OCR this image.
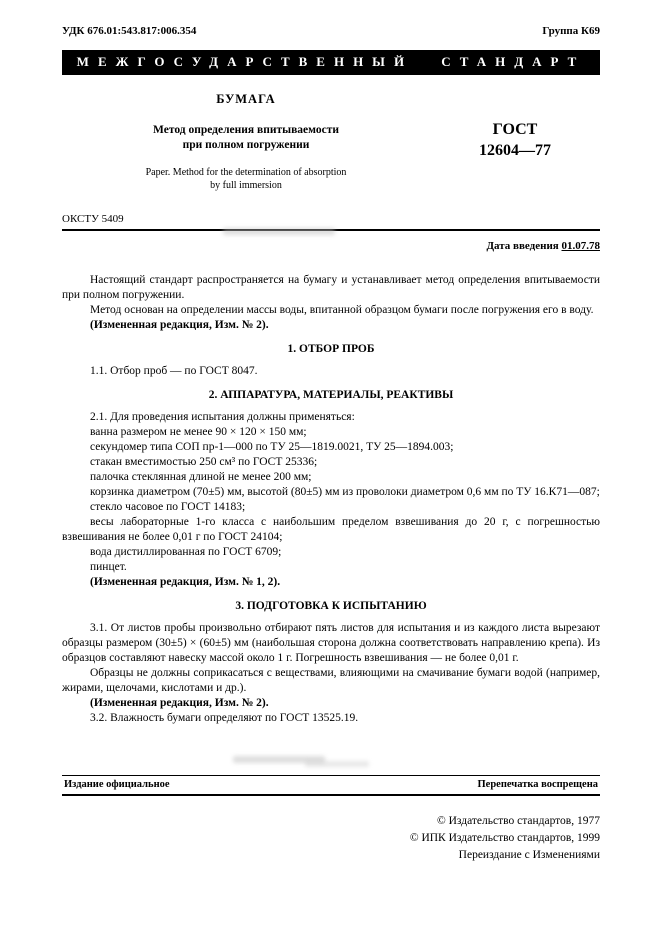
УДК 676.01:543.817:006.354	Группа К69
МЕЖГОСУДАРСТВЕННЫЙ СТАНДАРТ
БУМАГА
Метод определения впитываемости
при полном погружении
Paper. Method for the determination of absorption
by full immersion
ГОСТ
12604—77
ОКСТУ 5409
Дата введения 01.07.78

Настоящий стандарт распространяется на бумагу и устанавливает метод определения впитываемости при полном погружении.

Метод основан на определении массы воды, впитанной образцом бумаги после погружения его в воду.

(Измененная редакция, Изм. № 2).

1. ОТБОР ПРОБ

1.1. Отбор проб — по ГОСТ 8047.

2. АППАРАТУРА, МАТЕРИАЛЫ, РЕАКТИВЫ

2.1. Для проведения испытания должны применяться:

ванна размером не менее 90 × 120 × 150 мм;

секундомер типа СОП пр-1—000 по ТУ 25—1819.0021, ТУ 25—1894.003;

стакан вместимостью 250 см³ по ГОСТ 25336;

палочка стеклянная длиной не менее 200 мм;

корзинка диаметром (70±5) мм, высотой (80±5) мм из проволоки диаметром 0,6 мм по ТУ 16.К71—087;

стекло часовое по ГОСТ 14183;

весы лабораторные 1-го класса с наибольшим пределом взвешивания до 20 г, с погрешностью взвешивания не более 0,01 г по ГОСТ 24104;

вода дистиллированная по ГОСТ 6709;

пинцет.

(Измененная редакция, Изм. № 1, 2).

3. ПОДГОТОВКА К ИСПЫТАНИЮ

3.1. От листов пробы произвольно отбирают пять листов для испытания и из каждого листа вырезают образцы размером (30±5) × (60±5) мм (наибольшая сторона должна соответствовать направлению крепа). Из образцов составляют навеску массой около 1 г. Погрешность взвешивания — не более 0,01 г.

Образцы не должны соприкасаться с веществами, влияющими на смачивание бумаги водой (например, жирами, щелочами, кислотами и др.).

(Измененная редакция, Изм. № 2).

3.2. Влажность бумаги определяют по ГОСТ 13525.19.

Издание официальное	Перепечатка воспрещена
© Издательство стандартов, 1977
© ИПК Издательство стандартов, 1999
Переиздание с Изменениями
